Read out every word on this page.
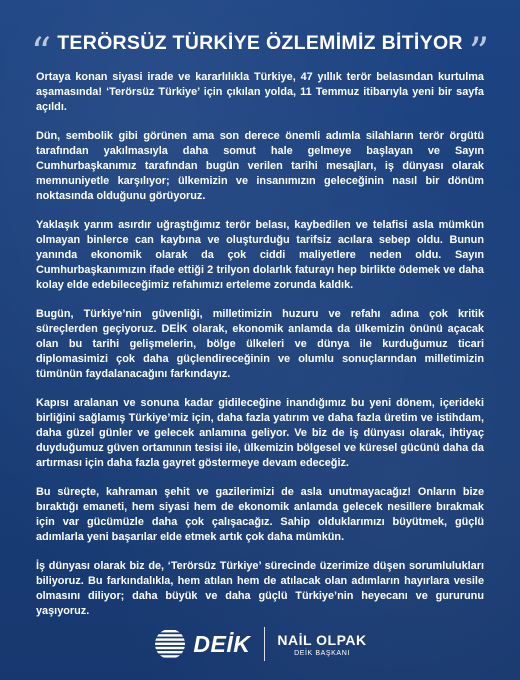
“ TERÖRSÜZ TÜRKİYE ÖZLEMİMİZ BİTİYOR ”

Ortaya konan siyasi irade ve kararlılıkla Türkiye, 47 yıllık terör belasından kurtulma aşamasında! ‘Terörsüz Türkiye’ için çıkılan yolda, 11 Temmuz itibarıyla yeni bir sayfa açıldı.

Dün, sembolik gibi görünen ama son derece önemli adımla silahların terör örgütü tarafından yakılmasıyla daha somut hale gelmeye başlayan ve Sayın Cumhurbaşkanımız tarafından bugün verilen tarihi mesajları, iş dünyası olarak memnuniyetle karşılıyor; ülkemizin ve insanımızın geleceğinin nasıl bir dönüm noktasında olduğunu görüyoruz.

Yaklaşık yarım asırdır uğraştığımız terör belası, kaybedilen ve telafisi asla mümkün olmayan binlerce can kaybına ve oluşturduğu tarifsiz acılara sebep oldu. Bunun yanında ekonomik olarak da çok ciddi maliyetlere neden oldu. Sayın Cumhurbaşkanımızın ifade ettiği 2 trilyon dolarlık faturayı hep birlikte ödemek ve daha kolay elde edebileceğimiz refahımızı erteleme zorunda kaldık.

Bugün, Türkiye’nin güvenliği, milletimizin huzuru ve refahı adına çok kritik süreçlerden geçiyoruz. DEİK olarak, ekonomik anlamda da ülkemizin önünü açacak olan bu tarihi gelişmelerin, bölge ülkeleri ve dünya ile kurduğumuz ticari diplomasimizi çok daha güçlendireceğinin ve olumlu sonuçlarından milletimizin tümünün faydalanacağını farkındayız.

Kapısı aralanan ve sonuna kadar gidileceğine inandığımız bu yeni dönem, içerideki birliğini sağlamış Türkiye’miz için, daha fazla yatırım ve daha fazla üretim ve istihdam, daha güzel günler ve gelecek anlamına geliyor. Ve biz de iş dünyası olarak, ihtiyaç duyduğumuz güven ortamının tesisi ile, ülkemizin bölgesel ve küresel gücünü daha da artırması için daha fazla gayret göstermeye devam edeceğiz.

Bu süreçte, kahraman şehit ve gazilerimizi de asla unutmayacağız! Onların bize bıraktığı emaneti, hem siyasi hem de ekonomik anlamda gelecek nesillere bırakmak için var gücümüzle daha çok çalışacağız. Sahip olduklarımızı büyütmek, güçlü adımlarla yeni başarılar elde etmek artık çok daha mümkün.

İş dünyası olarak biz de, ‘Terörsüz Türkiye’ sürecinde üzerimize düşen sorumlulukları biliyoruz. Bu farkındalıkla, hem atılan hem de atılacak olan adımların hayırlara vesile olmasını diliyor; daha büyük ve daha güçlü Türkiye’nin heyecanı ve gururunu yaşıyoruz.

DEİK NAİL OLPAK
DEİK BAŞKANI
